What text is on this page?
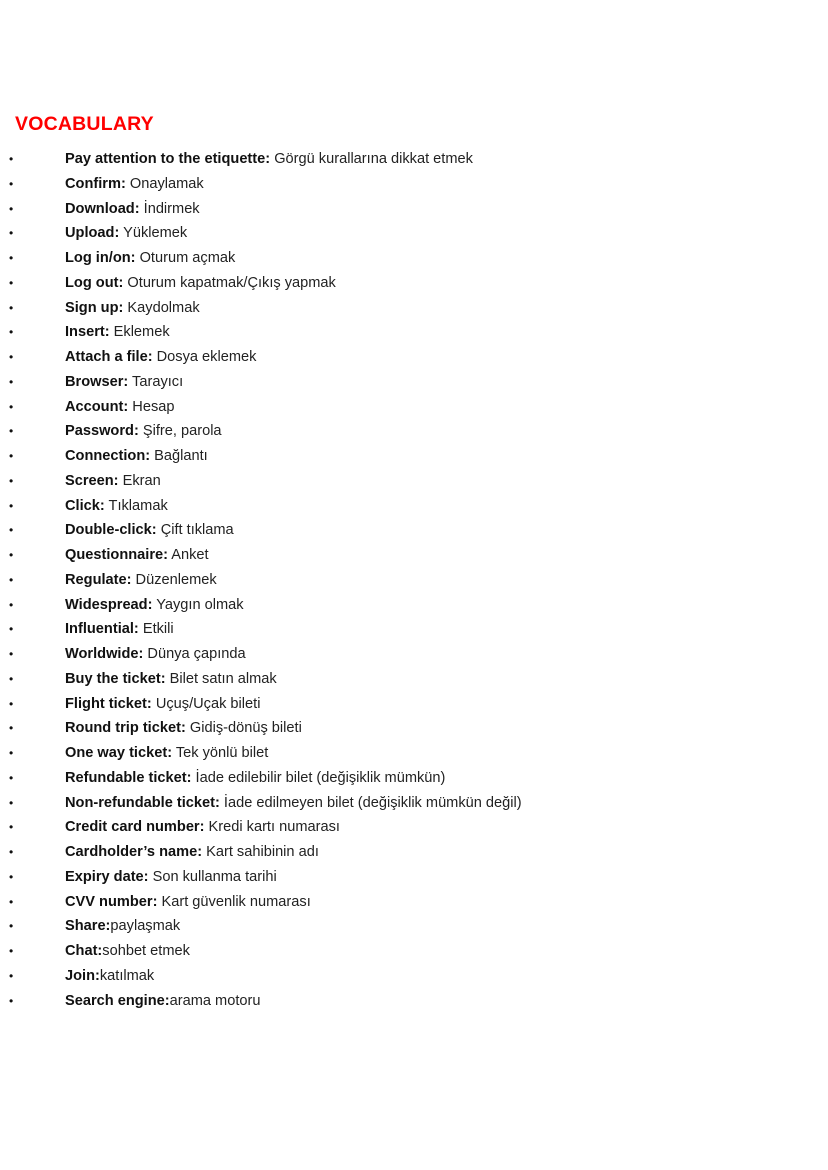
VOCABULARY
•	Pay attention to the etiquette: Görgü kurallarına dikkat etmek
•	Confirm: Onaylamak
•	Download: İndirmek
•	Upload: Yüklemek
•	Log in/on: Oturum açmak
•	Log out: Oturum kapatmak/Çıkış yapmak
•	Sign up: Kaydolmak
•	Insert: Eklemek
•	Attach a file: Dosya eklemek
•	Browser: Tarayıcı
•	Account: Hesap
•	Password: Şifre, parola
•	Connection: Bağlantı
•	Screen: Ekran
•	Click: Tıklamak
•	Double-click: Çift tıklama
•	Questionnaire: Anket
•	Regulate: Düzenlemek
•	Widespread: Yaygın olmak
•	Influential: Etkili
•	Worldwide: Dünya çapında
•	Buy the ticket: Bilet satın almak
•	Flight ticket: Uçuş/Uçak bileti
•	Round trip ticket: Gidiş-dönüş bileti
•	One way ticket: Tek yönlü bilet
•	Refundable ticket: İade edilebilir bilet (değişiklik mümkün)
•	Non-refundable ticket: İade edilmeyen bilet (değişiklik mümkün değil)
•	Credit card number: Kredi kartı numarası
•	Cardholder’s name: Kart sahibinin adı
•	Expiry date: Son kullanma tarihi
•	CVV number: Kart güvenlik numarası
•	Share:paylaşmak
•	Chat:sohbet etmek
•	Join:katılmak
•	Search engine:arama motoru
